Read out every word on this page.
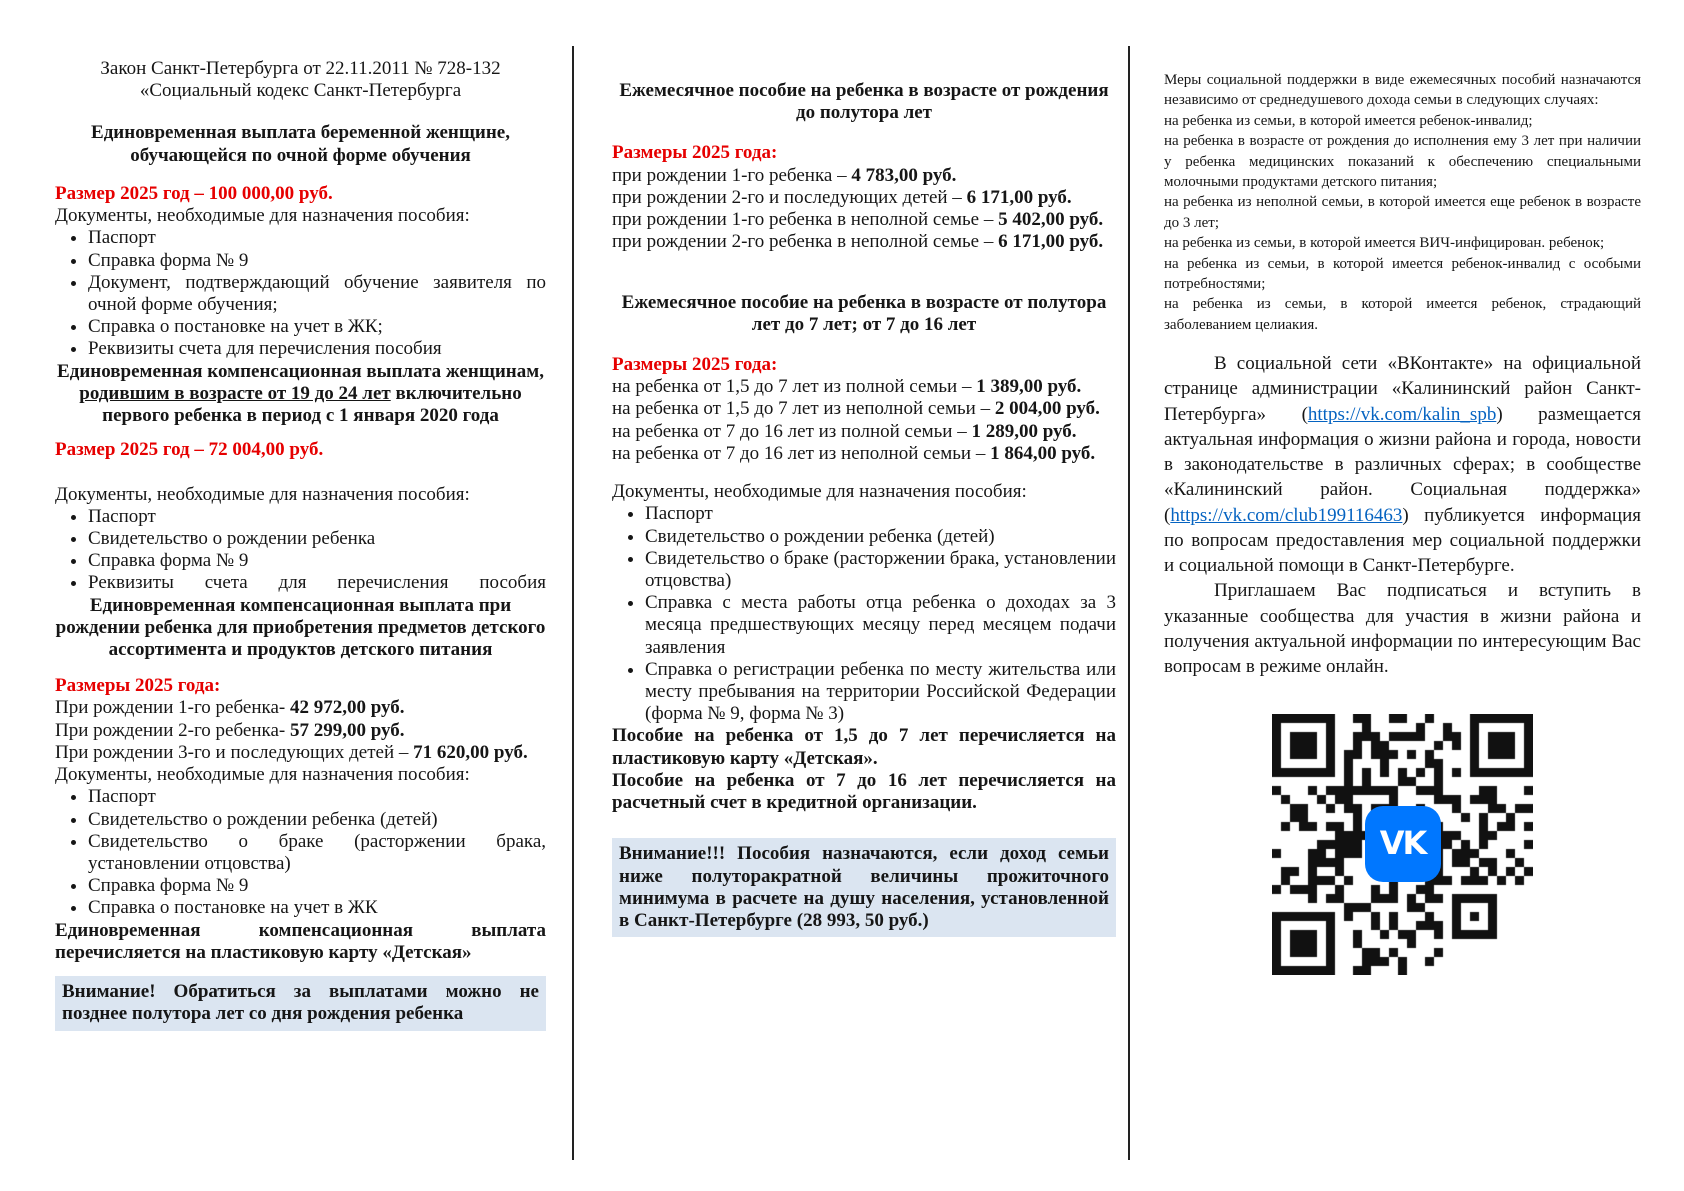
Закон Санкт-Петербурга от 22.11.2011 № 728-132

«Социальный кодекс Санкт-Петербурга

Единовременная выплата беременной женщине, обучающейся по очной форме обучения

Размер 2025 год – 100 000,00 руб.

Документы, необходимые для назначения пособия:

• Паспорт
• Справка форма № 9
• Документ, подтверждающий обучение заявителя по очной форме обучения;
• Справка о постановке на учет в ЖК;
• Реквизиты счета для перечисления пособия

Единовременная компенсационная выплата женщинам, родившим в возрасте от 19 до 24 лет включительно первого ребенка в период с 1 января 2020 года

Размер 2025 год – 72 004,00 руб.

Документы, необходимые для назначения пособия:

• Паспорт
• Свидетельство о рождении ребенка
• Справка форма № 9
• Реквизиты счета для перечисления пособия

Единовременная компенсационная выплата при рождении ребенка для приобретения предметов детского ассортимента и продуктов детского питания

Размеры 2025 года:

При рождении 1-го ребенка- 42 972,00 руб.

При рождении 2-го ребенка- 57 299,00 руб.

При рождении 3-го и последующих детей – 71 620,00 руб.

Документы, необходимые для назначения пособия:

• Паспорт
• Свидетельство о рождении ребенка (детей)
• Свидетельство о браке (расторжении брака, установлении отцовства)
• Справка форма № 9
• Справка о постановке на учет в ЖК

Единовременная компенсационная выплата перечисляется на пластиковую карту «Детская»

Внимание! Обратиться за выплатами можно не позднее полутора лет со дня рождения ребенка

Ежемесячное пособие на ребенка в возрасте от рождения до полутора лет

Размеры 2025 года:

при рождении 1-го ребенка – 4 783,00 руб.

при рождении 2-го и последующих детей – 6 171,00 руб.

при рождении 1-го ребенка в неполной семье – 5 402,00 руб.

при рождении 2-го ребенка в неполной семье – 6 171,00 руб.

Ежемесячное пособие на ребенка в возрасте от полутора лет до 7 лет; от 7 до 16 лет

Размеры 2025 года:

на ребенка от 1,5 до 7 лет из полной семьи – 1 389,00 руб.

на ребенка от 1,5 до 7 лет из неполной семьи – 2 004,00 руб.

на ребенка от 7 до 16 лет из полной семьи – 1 289,00 руб.

на ребенка от 7 до 16 лет из неполной семьи – 1 864,00 руб.

Документы, необходимые для назначения пособия:

• Паспорт
• Свидетельство о рождении ребенка (детей)
• Свидетельство о браке (расторжении брака, установлении отцовства)
• Справка с места работы отца ребенка о доходах за 3 месяца предшествующих месяцу перед месяцем подачи заявления
• Справка о регистрации ребенка по месту жительства или месту пребывания на территории Российской Федерации (форма № 9, форма № 3)

Пособие на ребенка от 1,5 до 7 лет перечисляется на пластиковую карту «Детская».

Пособие на ребенка от 7 до 16 лет перечисляется на расчетный счет в кредитной организации.

Внимание!!! Пособия назначаются, если доход семьи ниже полуторакратной величины прожиточного минимума в расчете на душу населения, установленной в Санкт-Петербурге (28 993, 50 руб.)

Меры социальной поддержки в виде ежемесячных пособий назначаются независимо от среднедушевого дохода семьи в следующих случаях:

на ребенка из семьи, в которой имеется ребенок-инвалид;

на ребенка в возрасте от рождения до исполнения ему 3 лет при наличии у ребенка медицинских показаний к обеспечению специальными молочными продуктами детского питания;

на ребенка из неполной семьи, в которой имеется еще ребенок в возрасте до 3 лет;

на ребенка из семьи, в которой имеется ВИЧ-инфицирован. ребенок;

на ребенка из семьи, в которой имеется ребенок-инвалид с особыми потребностями;

на ребенка из семьи, в которой имеется ребенок, страдающий заболеванием целиакия.

В социальной сети «ВКонтакте» на официальной странице администрации «Калининский район Санкт-Петербурга» (https://vk.com/kalin_spb) размещается актуальная информация о жизни района и города, новости в законодательстве в различных сферах; в сообществе «Калининский район. Социальная поддержка» (https://vk.com/club199116463) публикуется информация по вопросам предоставления мер социальной поддержки и социальной помощи в Санкт-Петербурге.

Приглашаем Вас подписаться и вступить в указанные сообщества для участия в жизни района и получения актуальной информации по интересующим Вас вопросам в режиме онлайн.

VK
